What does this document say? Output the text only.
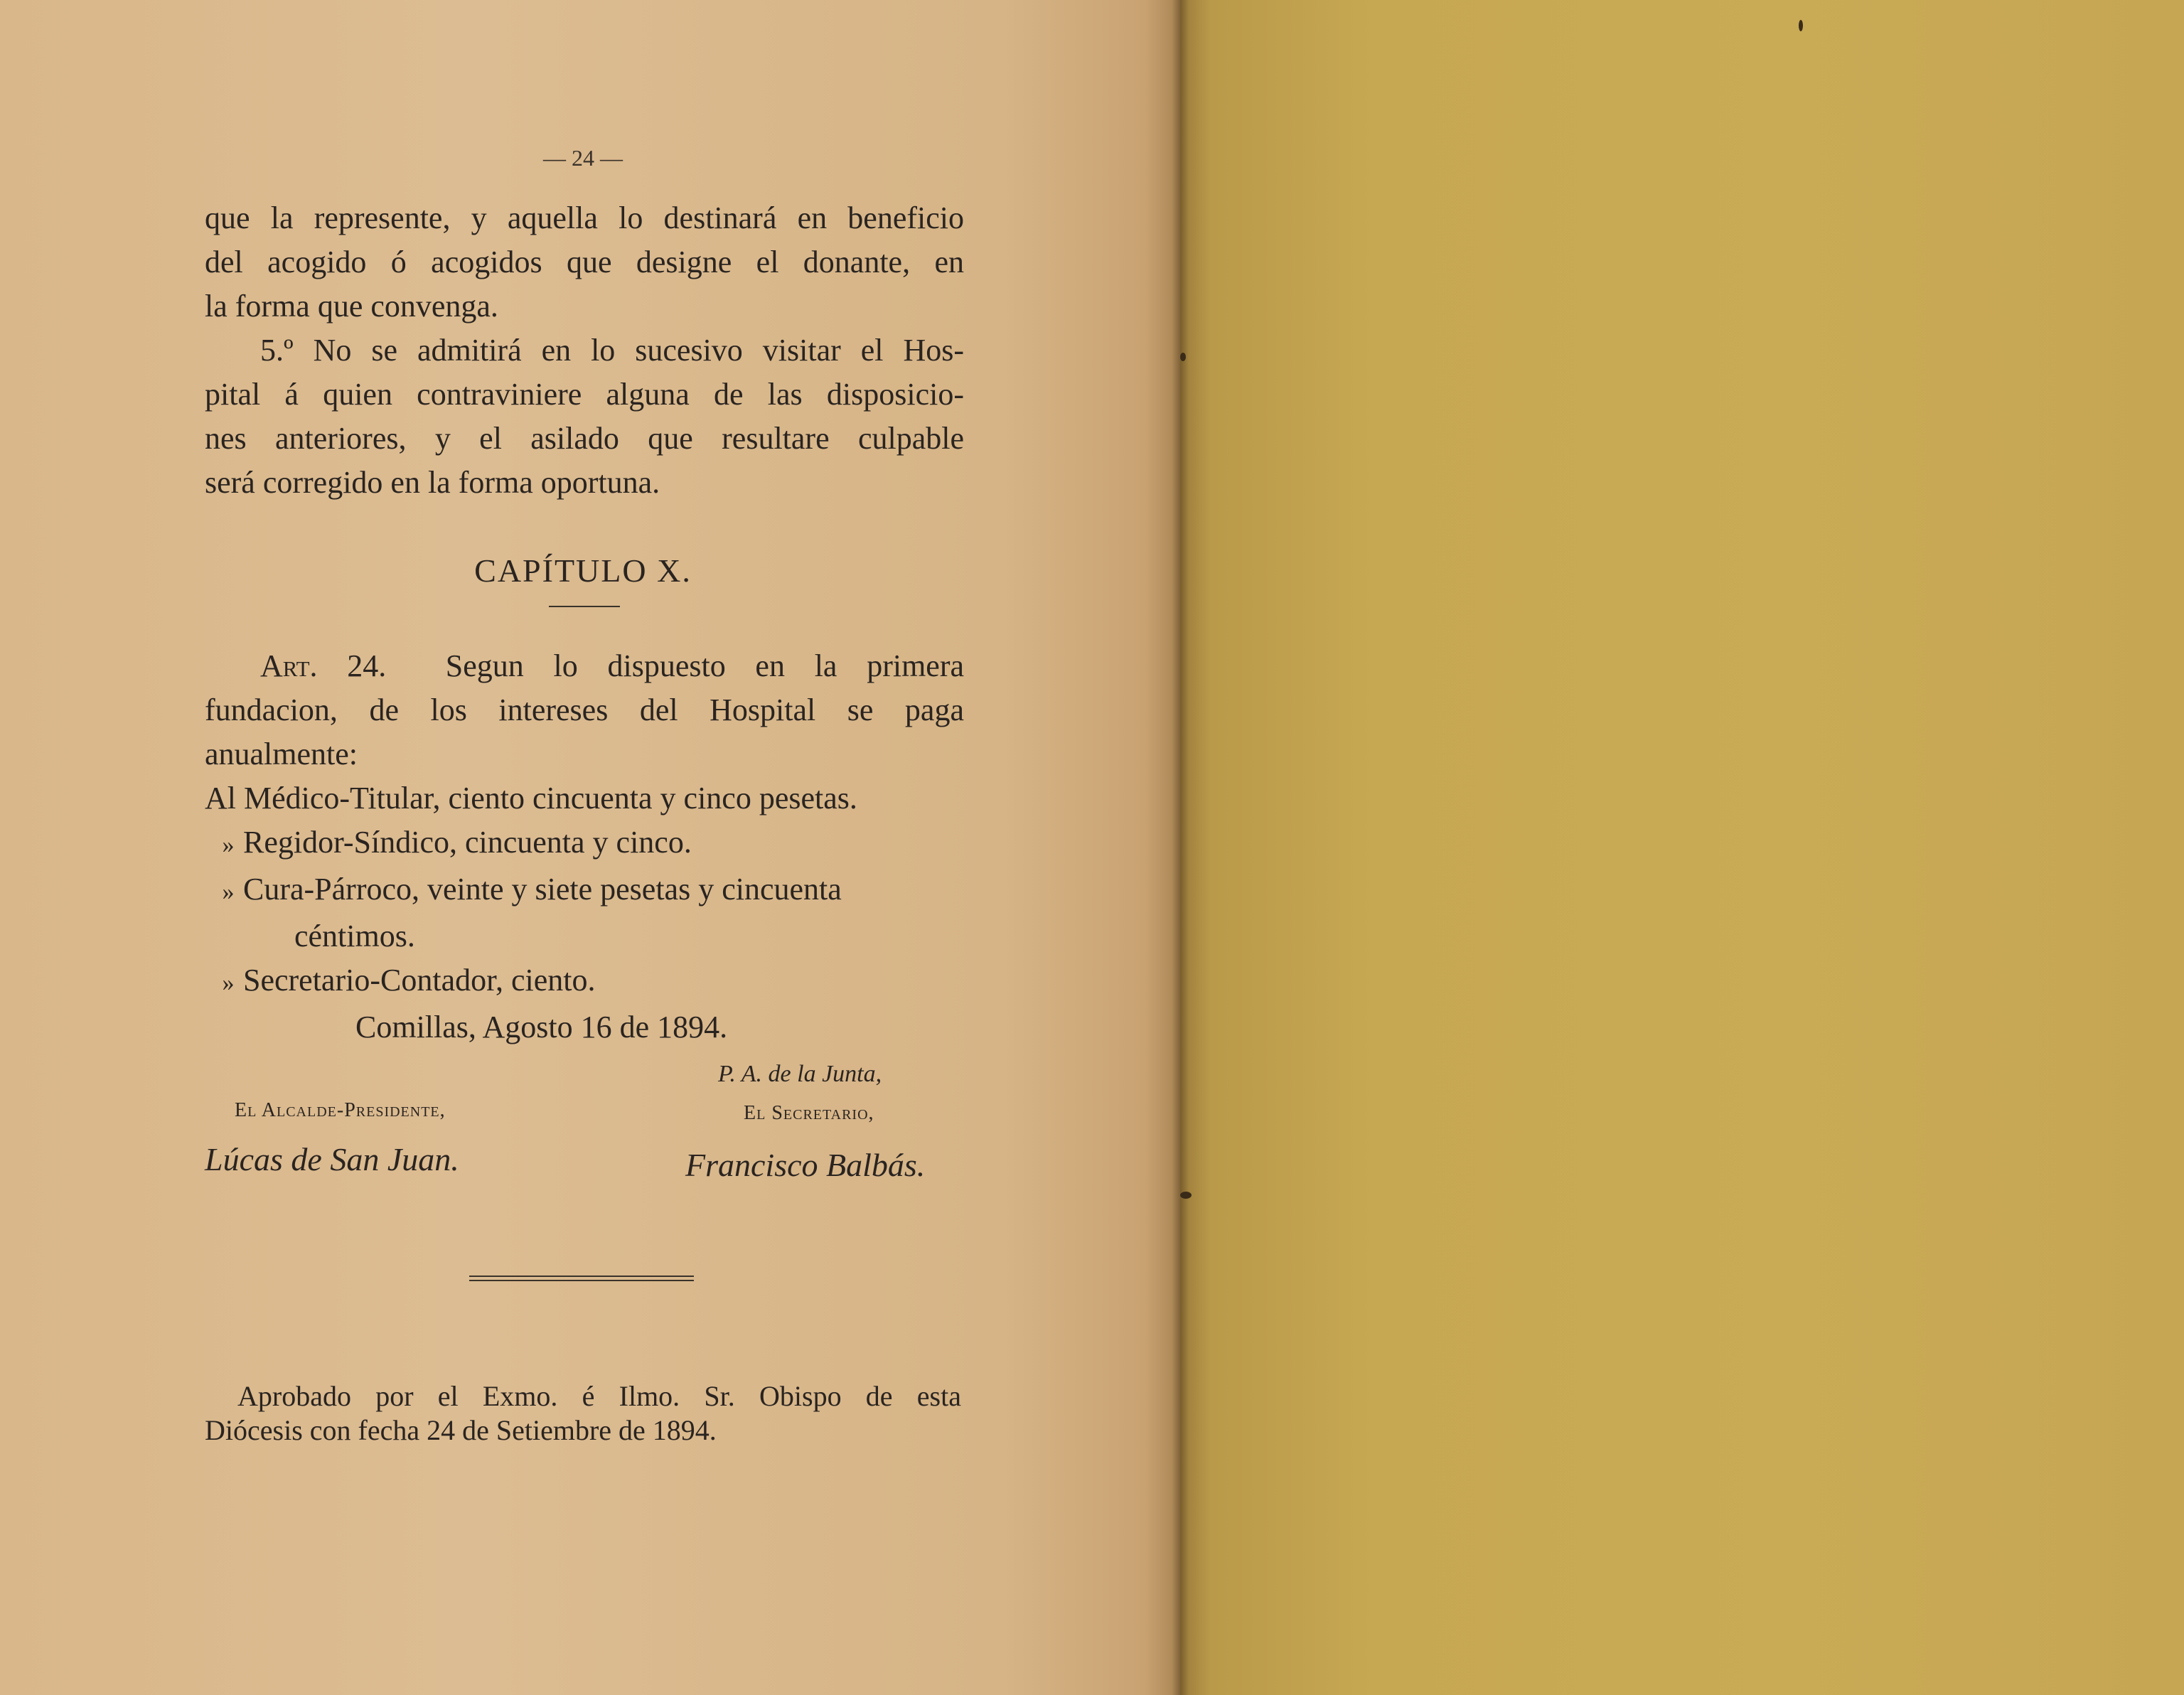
— 24 —
que la represente, y aquella lo destinará en beneficio
del acogido ó acogidos que designe el donante, en
la forma que convenga.
5.º No se admitirá en lo sucesivo visitar el Hos-
pital á quien contraviniere alguna de las disposicio-
nes anteriores, y el asilado que resultare culpable
será corregido en la forma oportuna.
CAPÍTULO X.
Art. 24. Segun lo dispuesto en la primera
fundacion, de los intereses del Hospital se paga
anualmente:
Al Médico-Titular, ciento cincuenta y cinco pesetas.
» Regidor-Síndico, cincuenta y cinco.
» Cura-Párroco, veinte y siete pesetas y cincuenta
céntimos.
» Secretario-Contador, ciento.
Comillas, Agosto 16 de 1894.
P. A. de la Junta,
El Alcalde-Presidente,	El Secretario,
Lúcas de San Juan.	Francisco Balbás.
Aprobado por el Exmo. é Ilmo. Sr. Obispo de esta
Diócesis con fecha 24 de Setiembre de 1894.
